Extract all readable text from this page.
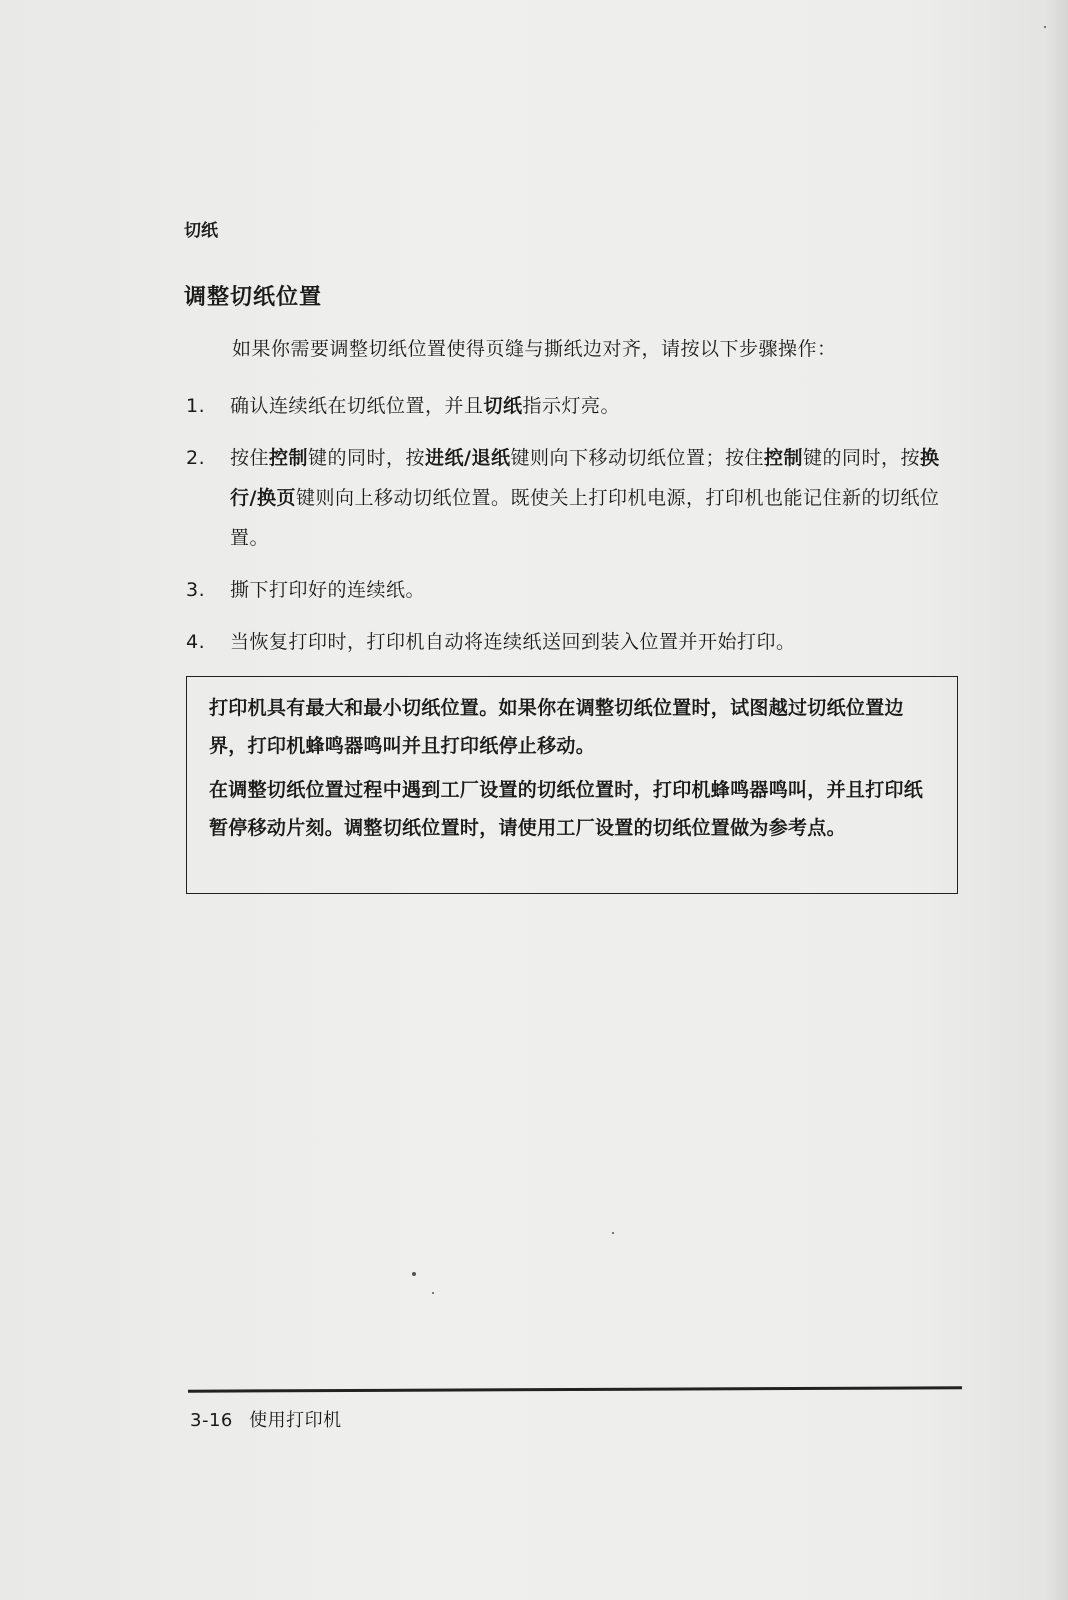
切纸
调整切纸位置
如果你需要调整切纸位置使得页缝与撕纸边对齐，请按以下步骤操作：
1.	确认连续纸在切纸位置，并且切纸指示灯亮。
2.	按住控制键的同时，按进纸/退纸键则向下移动切纸位置；按住控制键的同时，按换行/换页键则向上移动切纸位置。既使关上打印机电源，打印机也能记住新的切纸位置。
3.	撕下打印好的连续纸。
4.	当恢复打印时，打印机自动将连续纸送回到装入位置并开始打印。

打印机具有最大和最小切纸位置。如果你在调整切纸位置时，试图越过切纸位置边界，打印机蜂鸣器鸣叫并且打印纸停止移动。

在调整切纸位置过程中遇到工厂设置的切纸位置时，打印机蜂鸣器鸣叫，并且打印纸暂停移动片刻。调整切纸位置时，请使用工厂设置的切纸位置做为参考点。

3-16 使用打印机
